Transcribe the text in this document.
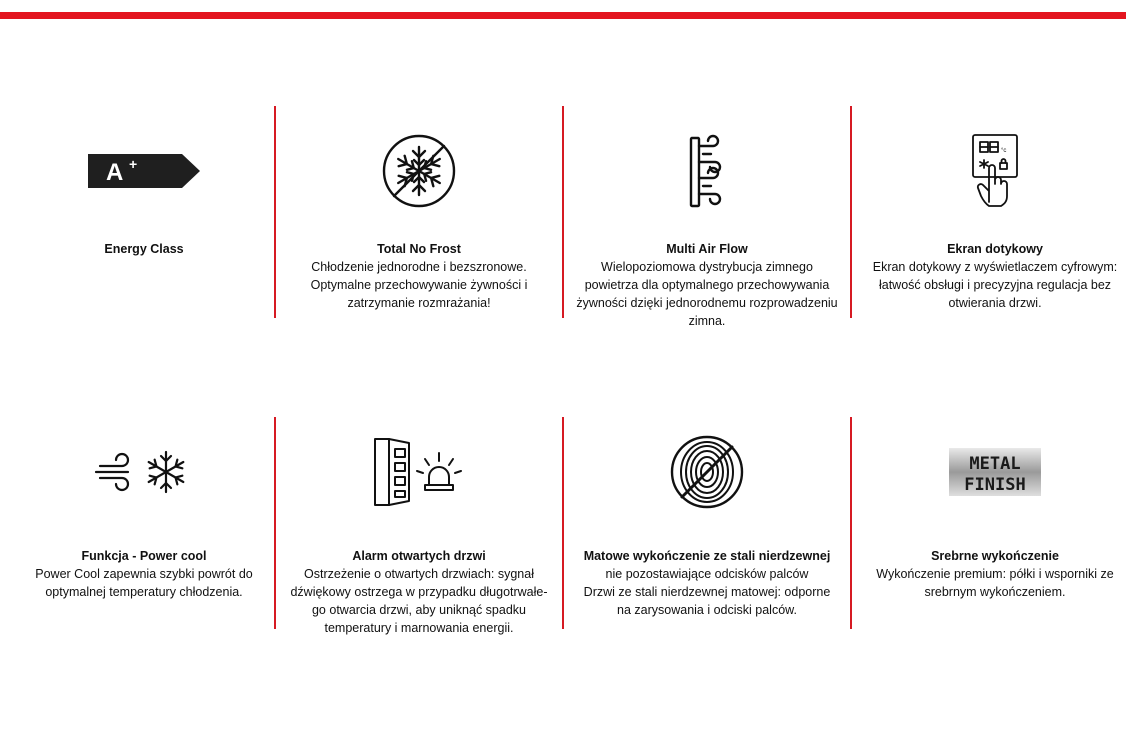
A +
Energy Class	Total No Frost
Chłodzenie jednorodne i bezszronowe.
Optymalne przechowywanie żywności i
zatrzymanie rozmrażania!
Multi Air Flow
Wielopoziomowa dystrybucja zimnego
powietrza dla optymalnego przechowywania
żywności dzięki jednorodnemu rozprowadzeniu
zimna.
°c
Ekran dotykowy
Ekran dotykowy z wyświetlaczem cyfrowym:
łatwość obsługi i precyzyjna regulacja bez
otwierania drzwi.
Funkcja - Power cool
Power Cool zapewnia szybki powrót do
optymalnej temperatury chłodzenia.
Alarm otwartych drzwi
Ostrzeżenie o otwartych drzwiach: sygnał
dźwiękowy ostrzega w przypadku długotrwałe-
go otwarcia drzwi, aby uniknąć spadku
temperatury i marnowania energii.
Matowe wykończenie ze stali nierdzewnej
nie pozostawiające odcisków palców
Drzwi ze stali nierdzewnej matowej: odporne
na zarysowania i odciski palców.
METAL
FINISH
Srebrne wykończenie
Wykończenie premium: półki i wsporniki ze
srebrnym wykończeniem.
